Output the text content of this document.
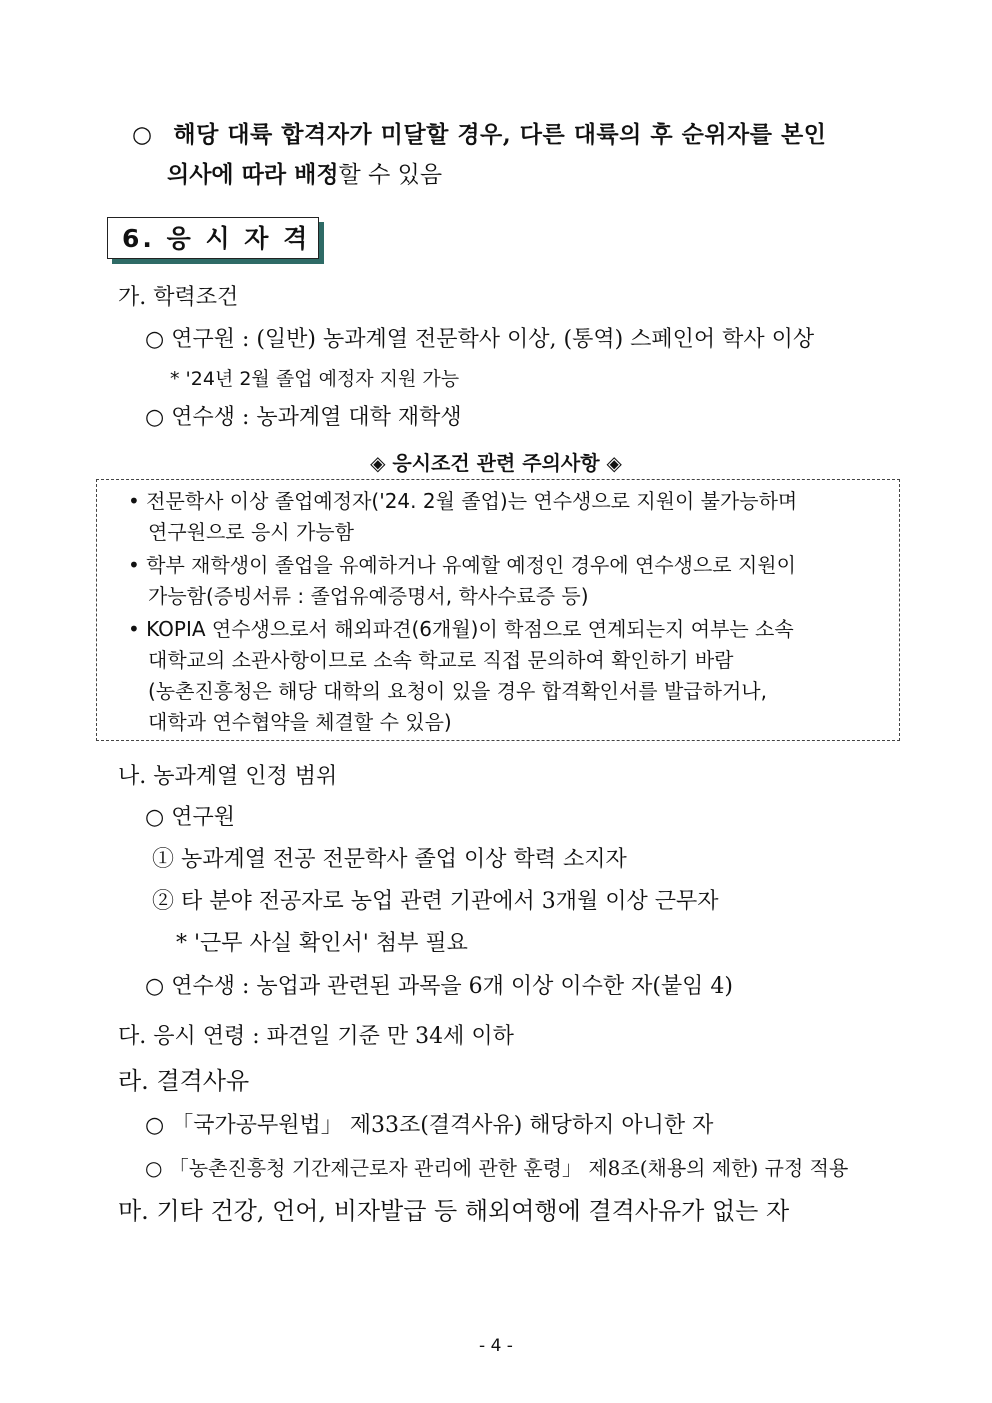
○ 해당 대륙 합격자가 미달할 경우, 다른 대륙의 후 순위자를 본인
의사에 따라 배정할 수 있음
6. 응 시 자 격
가. 학력조건
○ 연구원 : (일반) 농과계열 전문학사 이상, (통역) 스페인어 학사 이상
* '24년 2월 졸업 예정자 지원 가능
○ 연수생 : 농과계열 대학 재학생
◈ 응시조건 관련 주의사항 ◈
• 전문학사 이상 졸업예정자('24. 2월 졸업)는 연수생으로 지원이 불가능하며
연구원으로 응시 가능함
• 학부 재학생이 졸업을 유예하거나 유예할 예정인 경우에 연수생으로 지원이
가능함(증빙서류 : 졸업유예증명서, 학사수료증 등)
• KOPIA 연수생으로서 해외파견(6개월)이 학점으로 연계되는지 여부는 소속
대학교의 소관사항이므로 소속 학교로 직접 문의하여 확인하기 바람
(농촌진흥청은 해당 대학의 요청이 있을 경우 합격확인서를 발급하거나,
대학과 연수협약을 체결할 수 있음)
나. 농과계열 인정 범위
○ 연구원
① 농과계열 전공 전문학사 졸업 이상 학력 소지자
② 타 분야 전공자로 농업 관련 기관에서 3개월 이상 근무자
* '근무 사실 확인서' 첨부 필요
○ 연수생 : 농업과 관련된 과목을 6개 이상 이수한 자(붙임 4)
다. 응시 연령 : 파견일 기준 만 34세 이하
라. 결격사유
○ 「국가공무원법」 제33조(결격사유) 해당하지 아니한 자
○ 「농촌진흥청 기간제근로자 관리에 관한 훈령」 제8조(채용의 제한) 규정 적용
마. 기타 건강, 언어, 비자발급 등 해외여행에 결격사유가 없는 자
- 4 -
